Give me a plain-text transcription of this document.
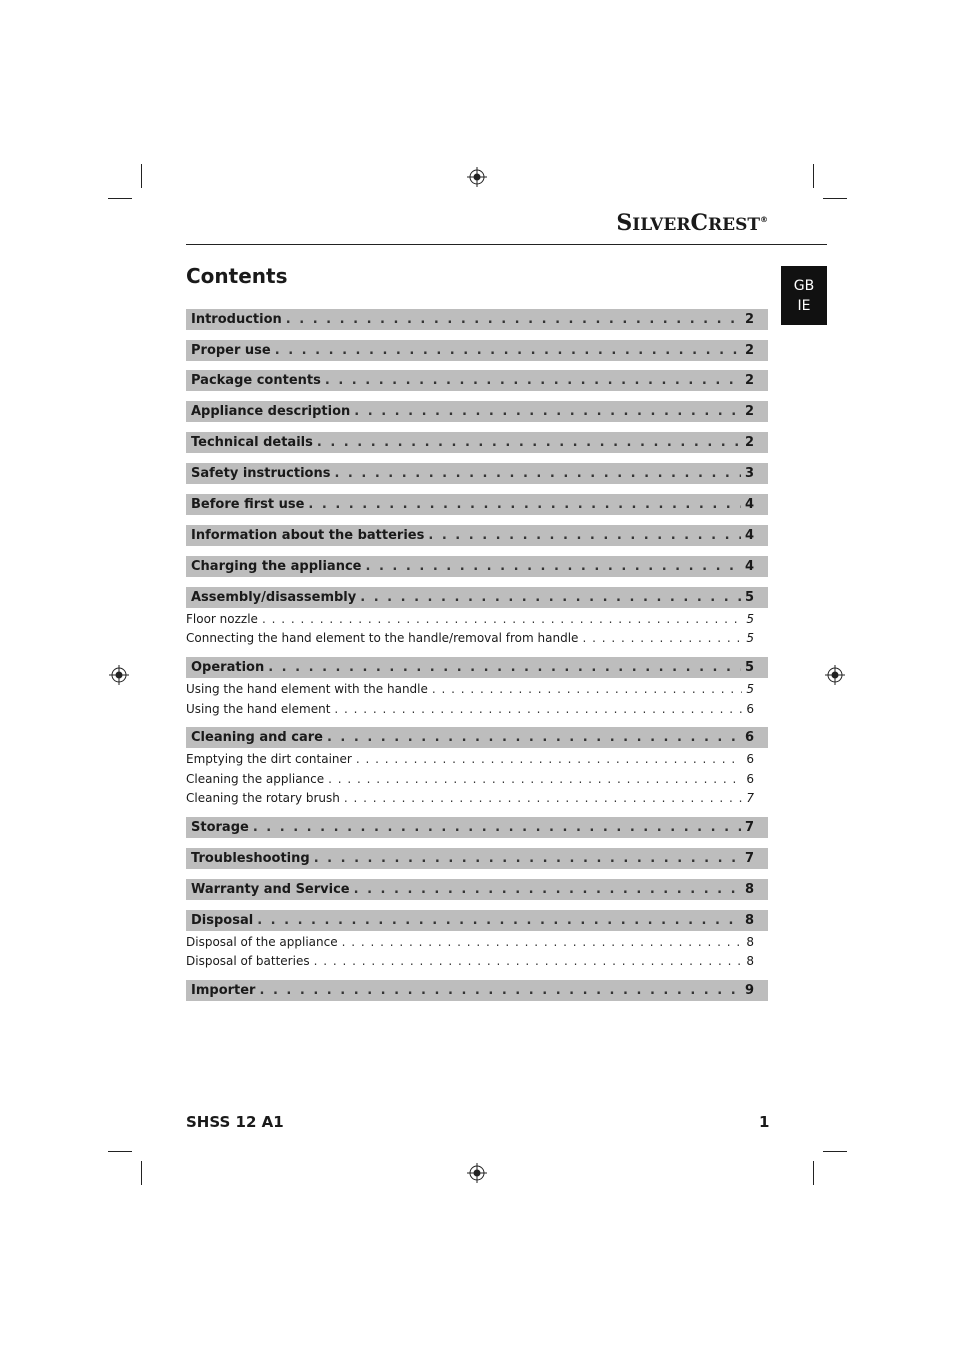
SILVERCREST®
GB
IE
Contents
Introduction . . .	2
Proper use . . .	2
Package contents . . .	2
Appliance description . . .	2
Technical details . . .	2
Safety instructions . . .	3
Before first use . . .	4
Information about the batteries . . .	4
Charging the appliance . . .	4
Assembly/disassembly . . .	5
Floor nozzle . . .	5
Connecting the hand element to the handle/removal from handle . . .	5
Operation . . .	5
Using the hand element with the handle . . .	5
Using the hand element . . .	6
Cleaning and care . . .	6
Emptying the dirt container . . .	6
Cleaning the appliance . . .	6
Cleaning the rotary brush . . .	7
Storage . . .	7
Troubleshooting . . .	7
Warranty and Service . . .	8
Disposal . . .	8
Disposal of the appliance . . .	8
Disposal of batteries . . .	8
Importer . . .	9
SHSS 12 A1	1
